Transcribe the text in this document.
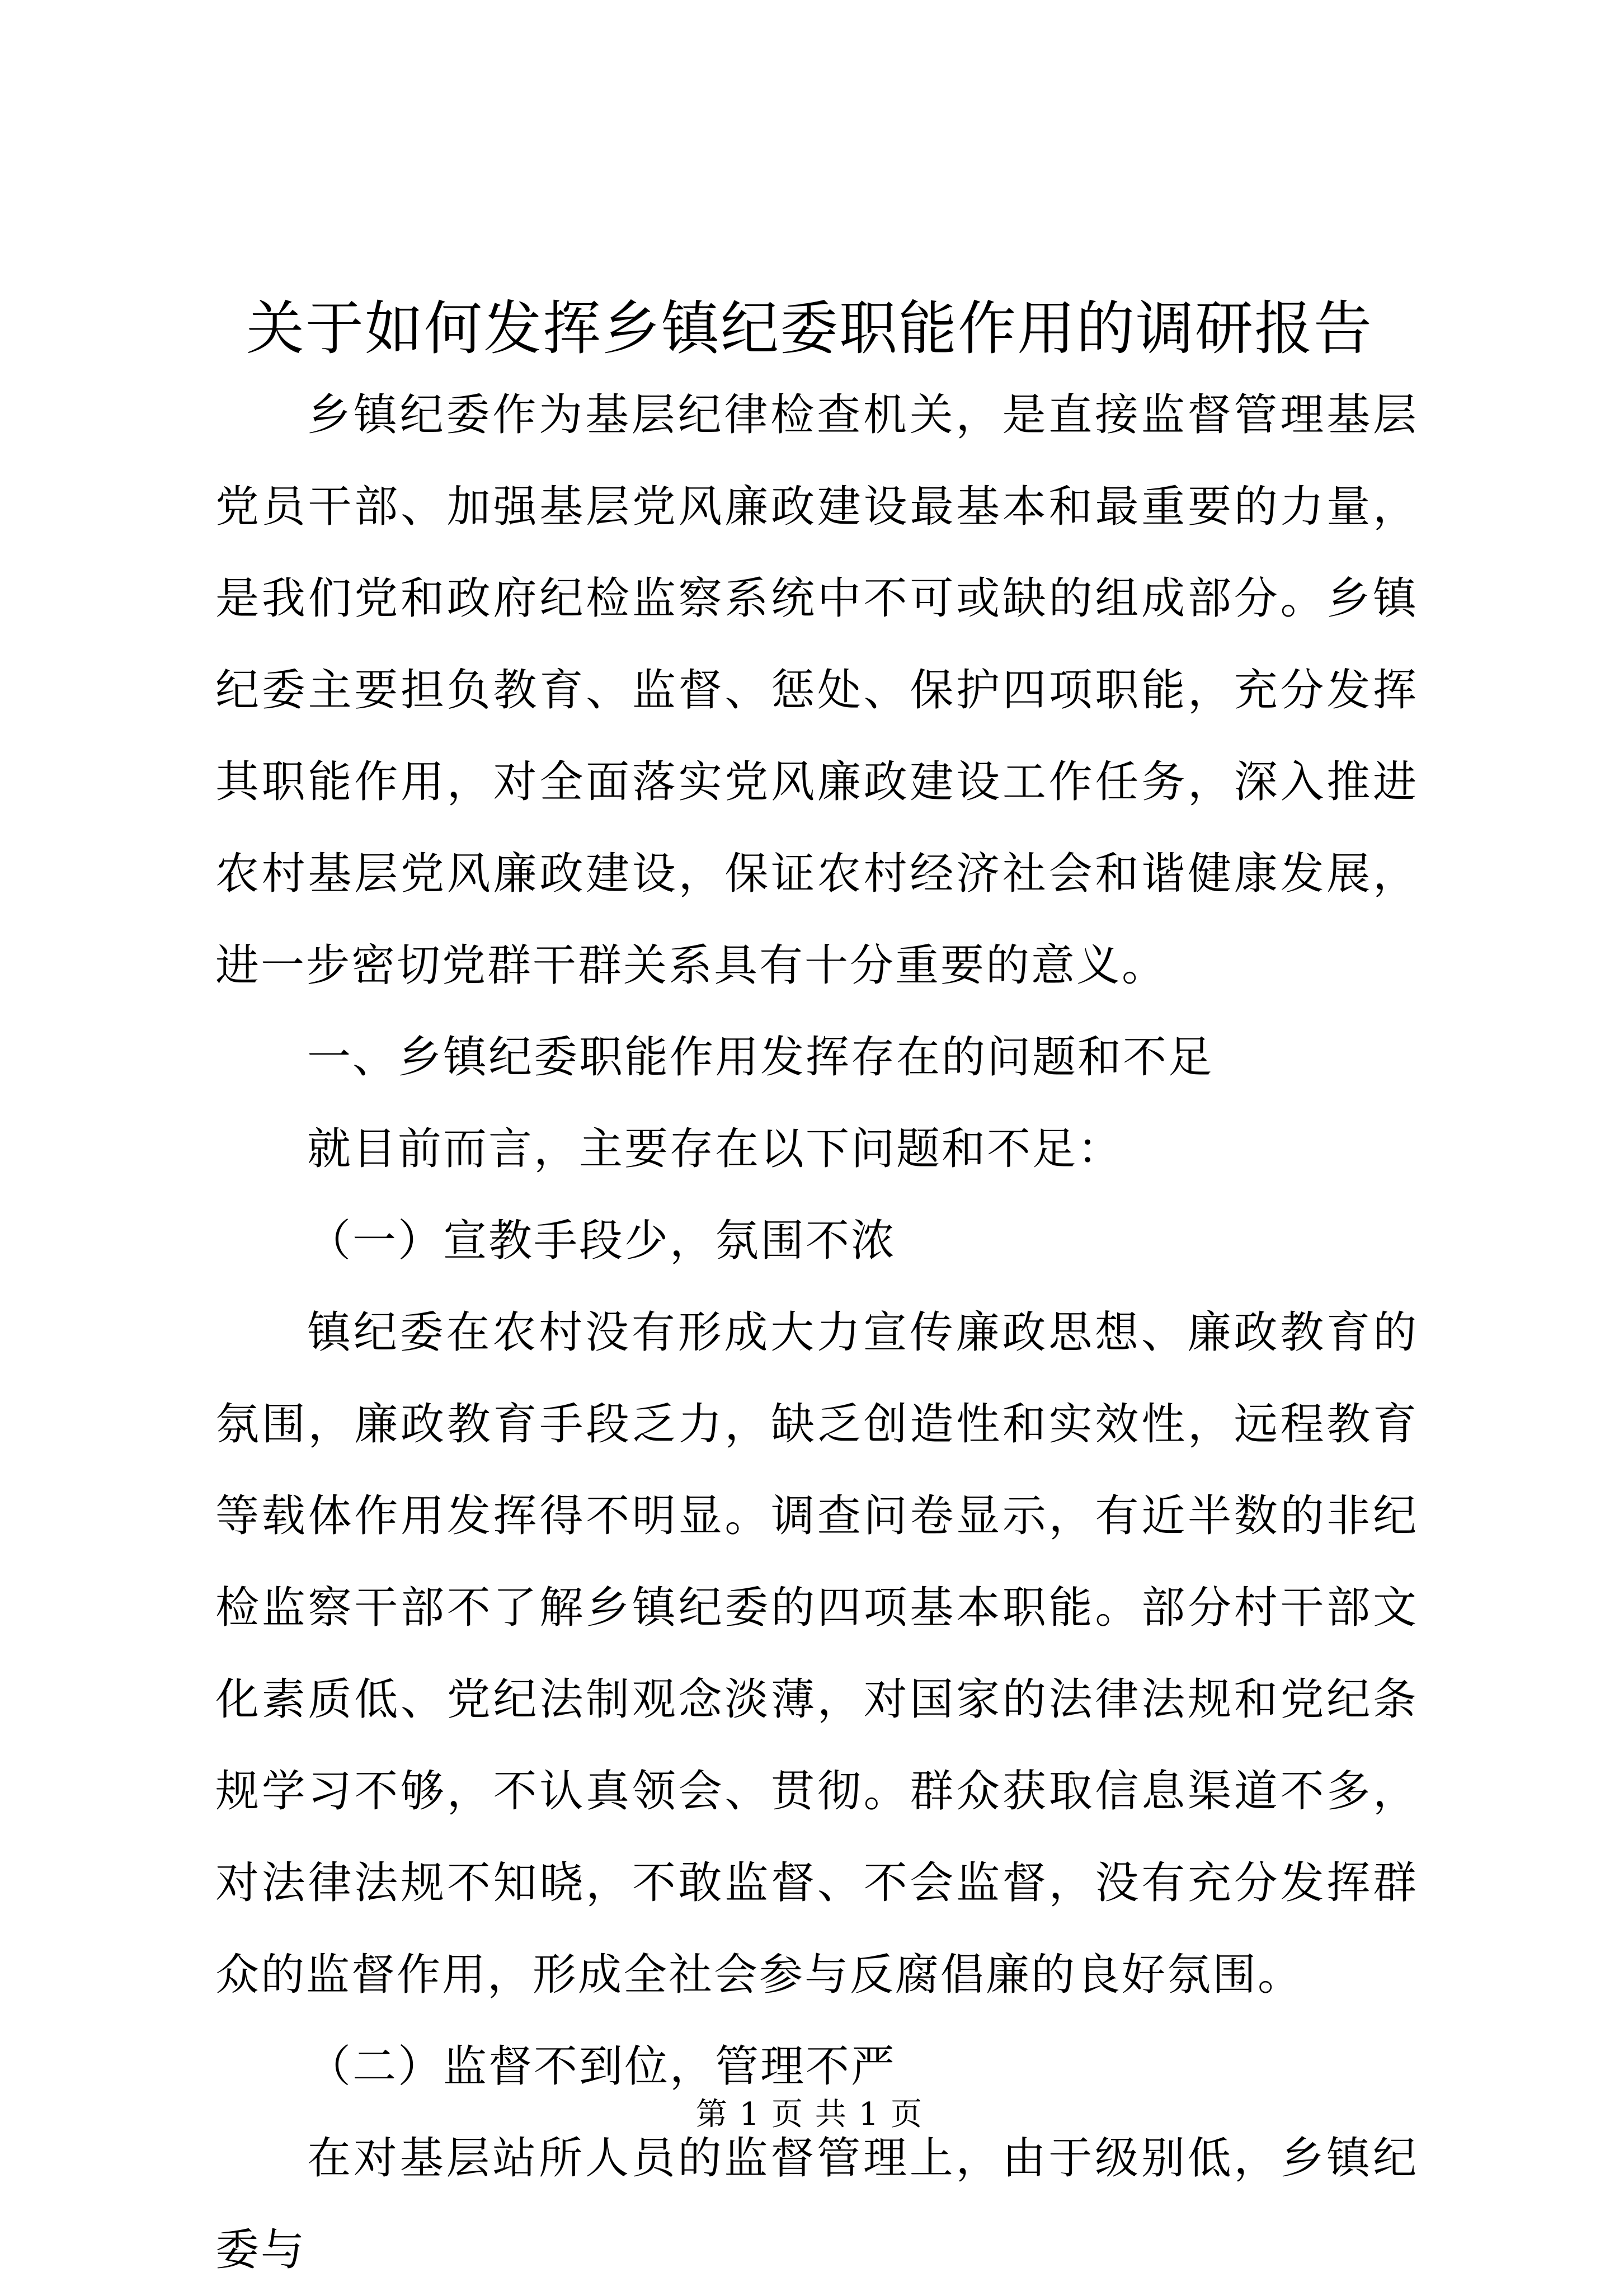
关于如何发挥乡镇纪委职能作用的调研报告

乡镇纪委作为基层纪律检查机关，是直接监督管理基层党员干部、加强基层党风廉政建设最基本和最重要的力量，是我们党和政府纪检监察系统中不可或缺的组成部分。乡镇纪委主要担负教育、监督、惩处、保护四项职能，充分发挥其职能作用，对全面落实党风廉政建设工作任务，深入推进农村基层党风廉政建设，保证农村经济社会和谐健康发展，进一步密切党群干群关系具有十分重要的意义。

一、乡镇纪委职能作用发挥存在的问题和不足

就目前而言，主要存在以下问题和不足：

（一）宣教手段少，氛围不浓

镇纪委在农村没有形成大力宣传廉政思想、廉政教育的氛围，廉政教育手段乏力，缺乏创造性和实效性，远程教育等载体作用发挥得不明显。调查问卷显示，有近半数的非纪检监察干部不了解乡镇纪委的四项基本职能。部分村干部文化素质低、党纪法制观念淡薄，对国家的法律法规和党纪条规学习不够，不认真领会、贯彻。群众获取信息渠道不多，对法律法规不知晓，不敢监督、不会监督，没有充分发挥群众的监督作用，形成全社会参与反腐倡廉的良好氛围。

（二）监督不到位，管理不严

在对基层站所人员的监督管理上，由于级别低，乡镇纪委与

第 1 页 共 1 页
